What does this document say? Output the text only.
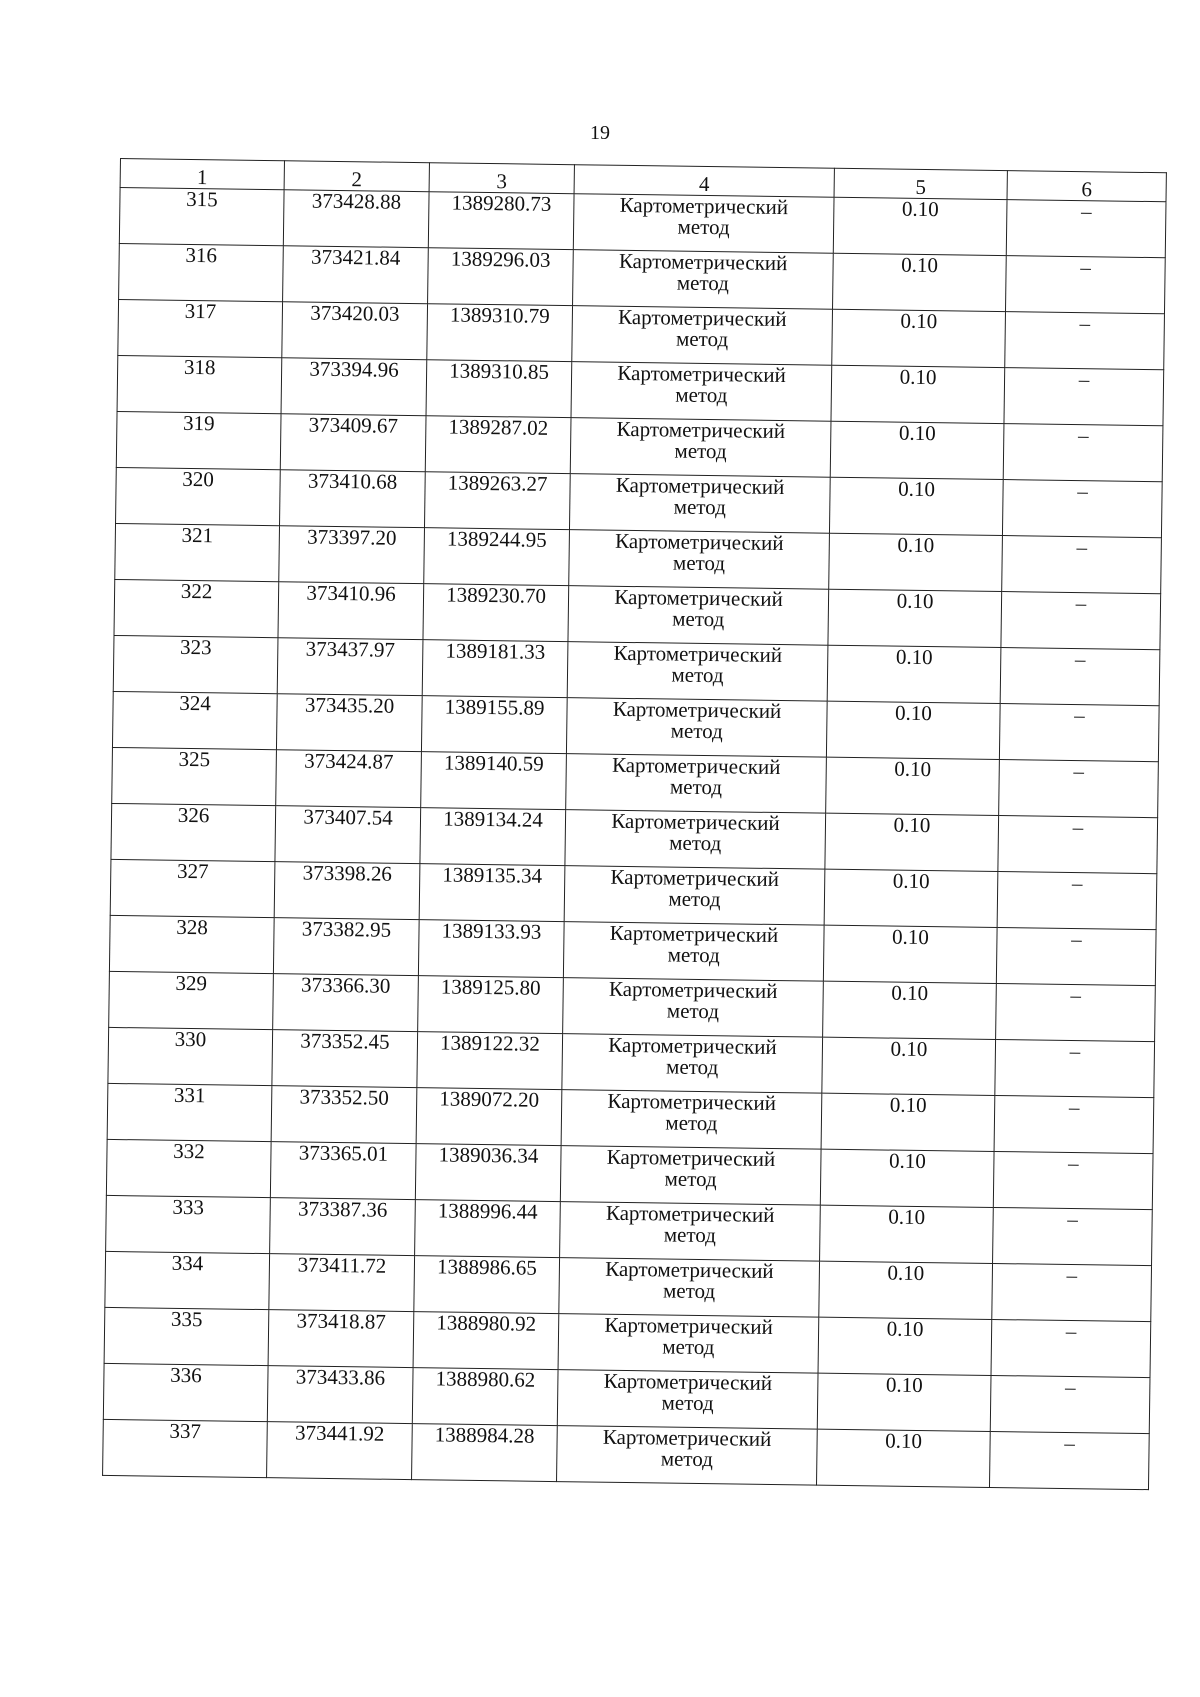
19
1	2	3	4	5	6
315	373428.88	1389280.73	Картометрический
метод	0.10	–
316	373421.84	1389296.03	Картометрический
метод	0.10	–
317	373420.03	1389310.79	Картометрический
метод	0.10	–
318	373394.96	1389310.85	Картометрический
метод	0.10	–
319	373409.67	1389287.02	Картометрический
метод	0.10	–
320	373410.68	1389263.27	Картометрический
метод	0.10	–
321	373397.20	1389244.95	Картометрический
метод	0.10	–
322	373410.96	1389230.70	Картометрический
метод	0.10	–
323	373437.97	1389181.33	Картометрический
метод	0.10	–
324	373435.20	1389155.89	Картометрический
метод	0.10	–
325	373424.87	1389140.59	Картометрический
метод	0.10	–
326	373407.54	1389134.24	Картометрический
метод	0.10	–
327	373398.26	1389135.34	Картометрический
метод	0.10	–
328	373382.95	1389133.93	Картометрический
метод	0.10	–
329	373366.30	1389125.80	Картометрический
метод	0.10	–
330	373352.45	1389122.32	Картометрический
метод	0.10	–
331	373352.50	1389072.20	Картометрический
метод	0.10	–
332	373365.01	1389036.34	Картометрический
метод	0.10	–
333	373387.36	1388996.44	Картометрический
метод	0.10	–
334	373411.72	1388986.65	Картометрический
метод	0.10	–
335	373418.87	1388980.92	Картометрический
метод	0.10	–
336	373433.86	1388980.62	Картометрический
метод	0.10	–
337	373441.92	1388984.28	Картометрический
метод	0.10	–
